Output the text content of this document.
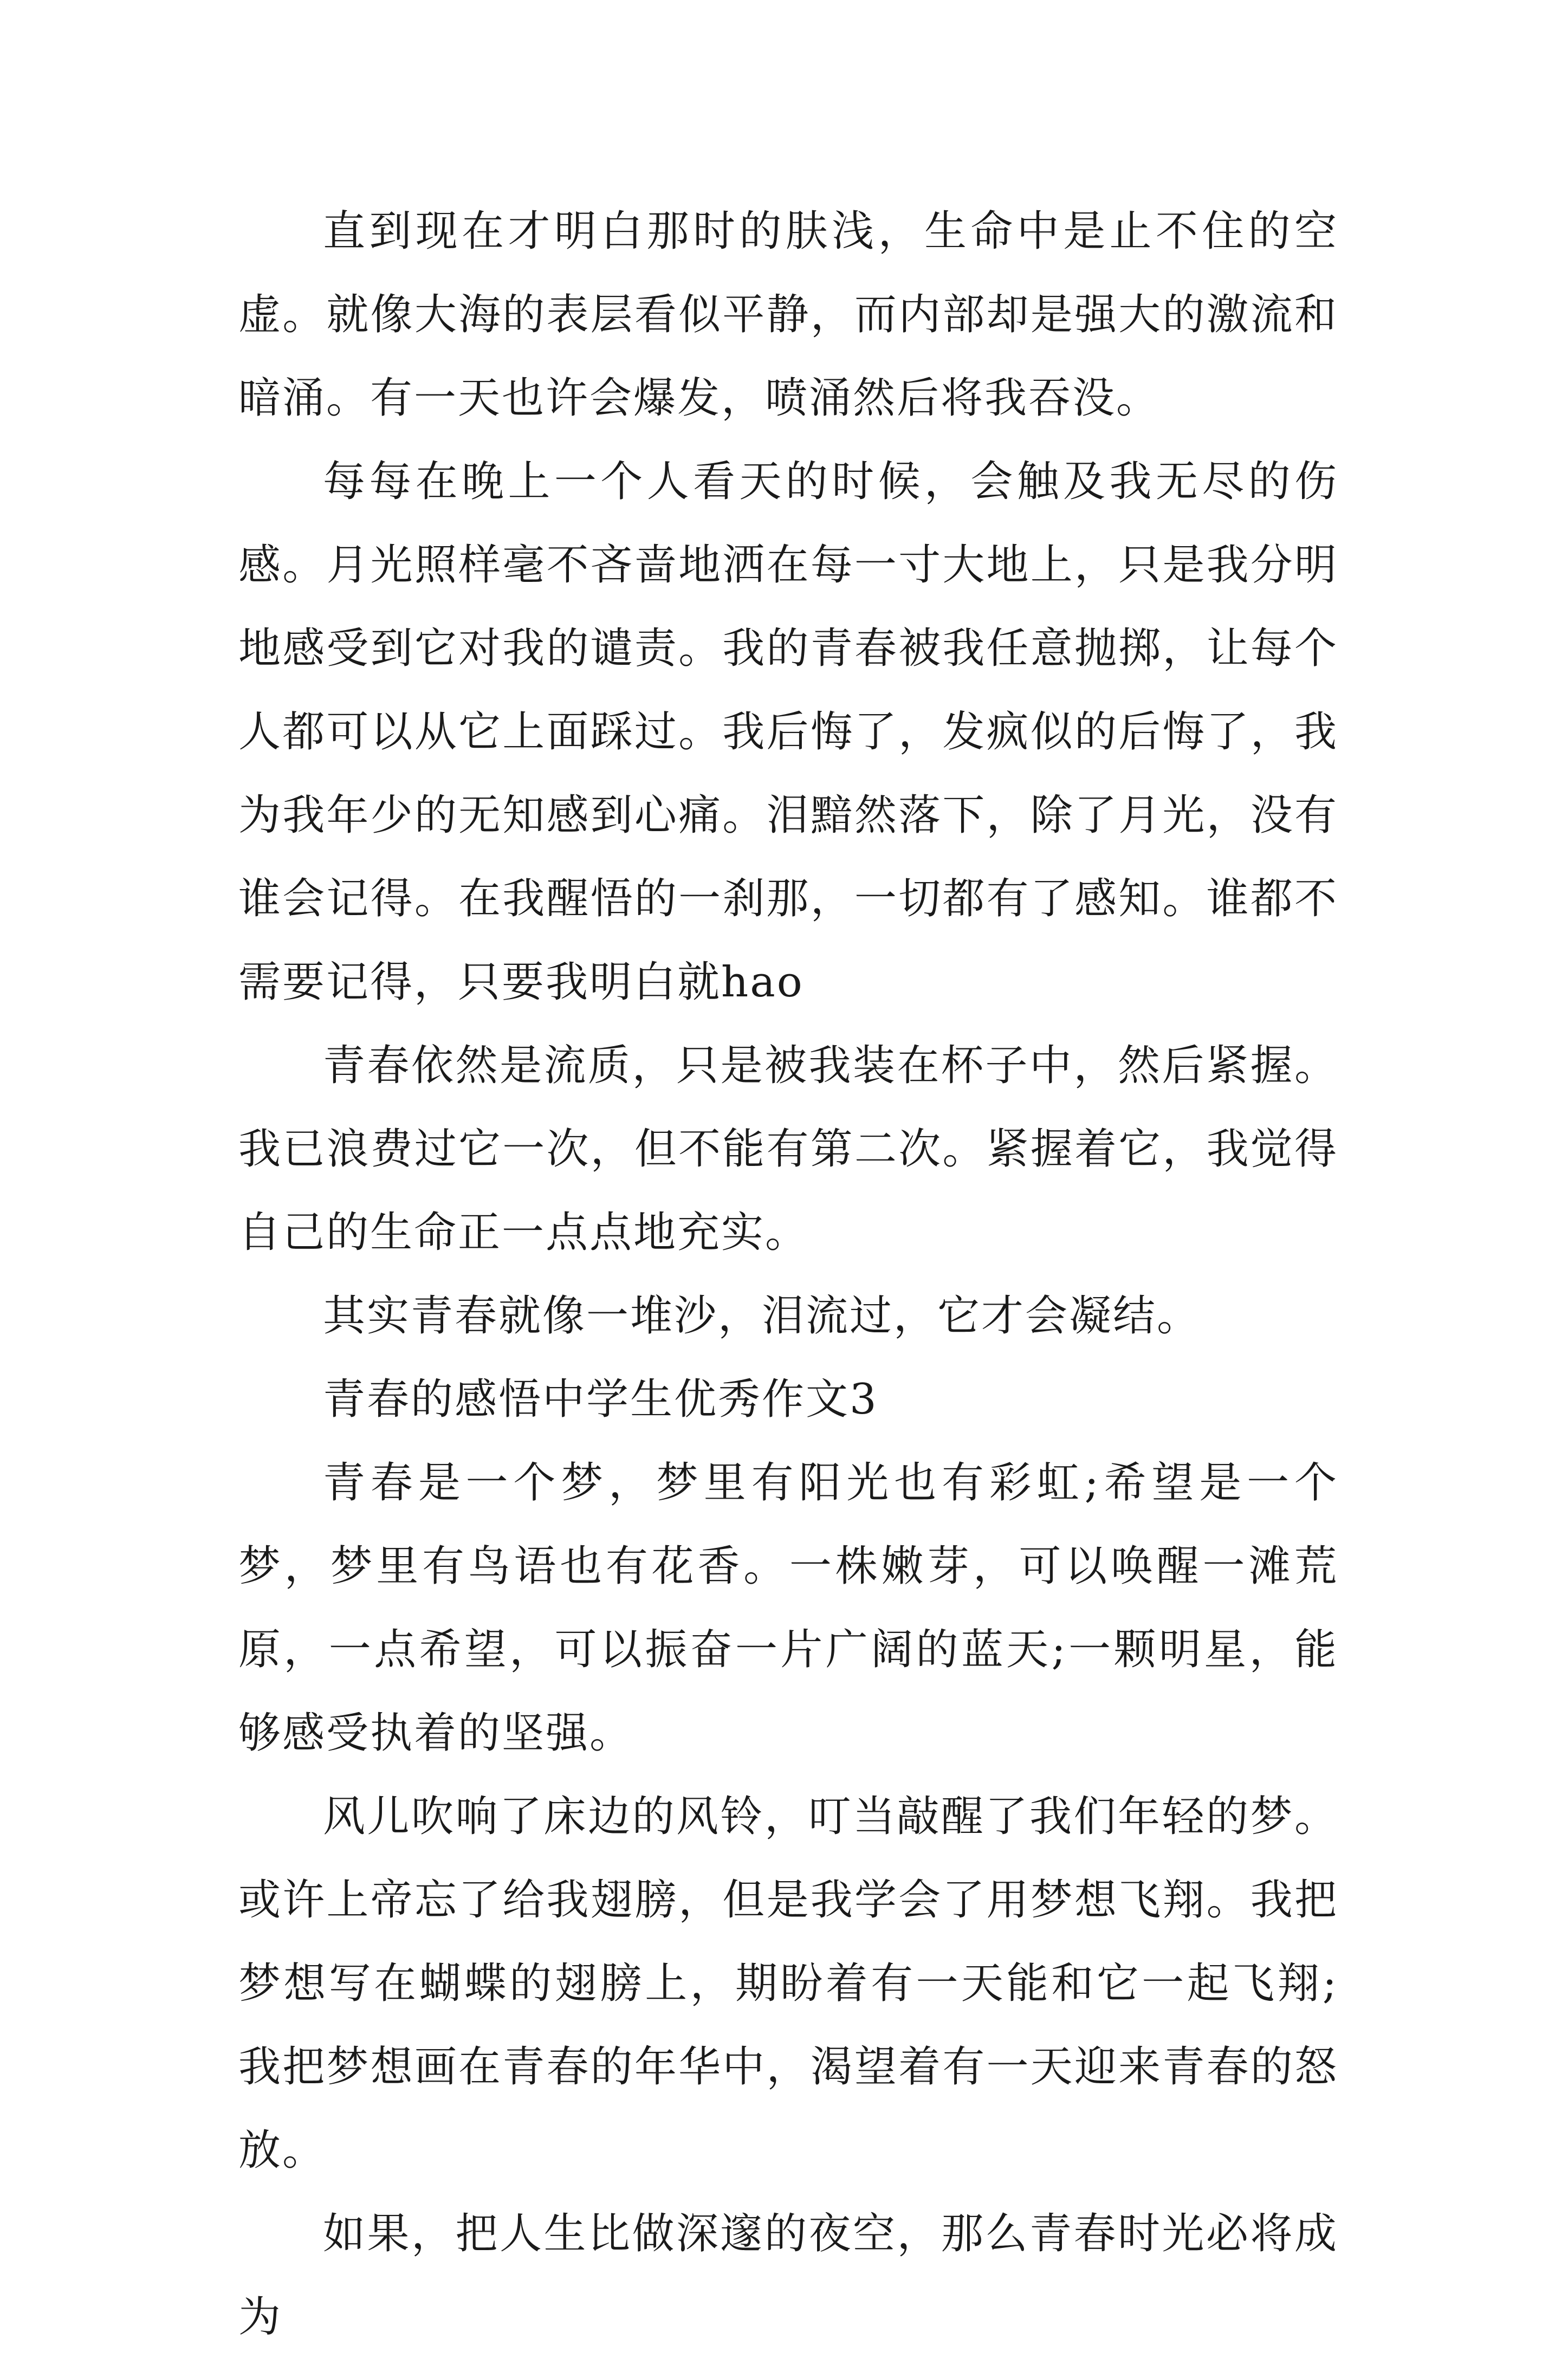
直到现在才明白那时的肤浅，生命中是止不住的空虚。就像大海的表层看似平静，而内部却是强大的激流和暗涌。有一天也许会爆发，喷涌然后将我吞没。

每每在晚上一个人看天的时候，会触及我无尽的伤感。月光照样毫不吝啬地洒在每一寸大地上，只是我分明地感受到它对我的谴责。我的青春被我任意抛掷，让每个人都可以从它上面踩过。我后悔了，发疯似的后悔了，我为我年少的无知感到心痛。泪黯然落下，除了月光，没有谁会记得。在我醒悟的一刹那，一切都有了感知。谁都不需要记得，只要我明白就hao

青春依然是流质，只是被我装在杯子中，然后紧握。我已浪费过它一次，但不能有第二次。紧握着它，我觉得自己的生命正一点点地充实。

其实青春就像一堆沙，泪流过，它才会凝结。

青春的感悟中学生优秀作文3

青春是一个梦，梦里有阳光也有彩虹;希望是一个梦，梦里有鸟语也有花香。一株嫩芽，可以唤醒一滩荒原，一点希望，可以振奋一片广阔的蓝天;一颗明星，能够感受执着的坚强。

风儿吹响了床边的风铃，叮当敲醒了我们年轻的梦。或许上帝忘了给我翅膀，但是我学会了用梦想飞翔。我把梦想写在蝴蝶的翅膀上，期盼着有一天能和它一起飞翔;我把梦想画在青春的年华中，渴望着有一天迎来青春的怒放。

如果，把人生比做深邃的夜空，那么青春时光必将成为
